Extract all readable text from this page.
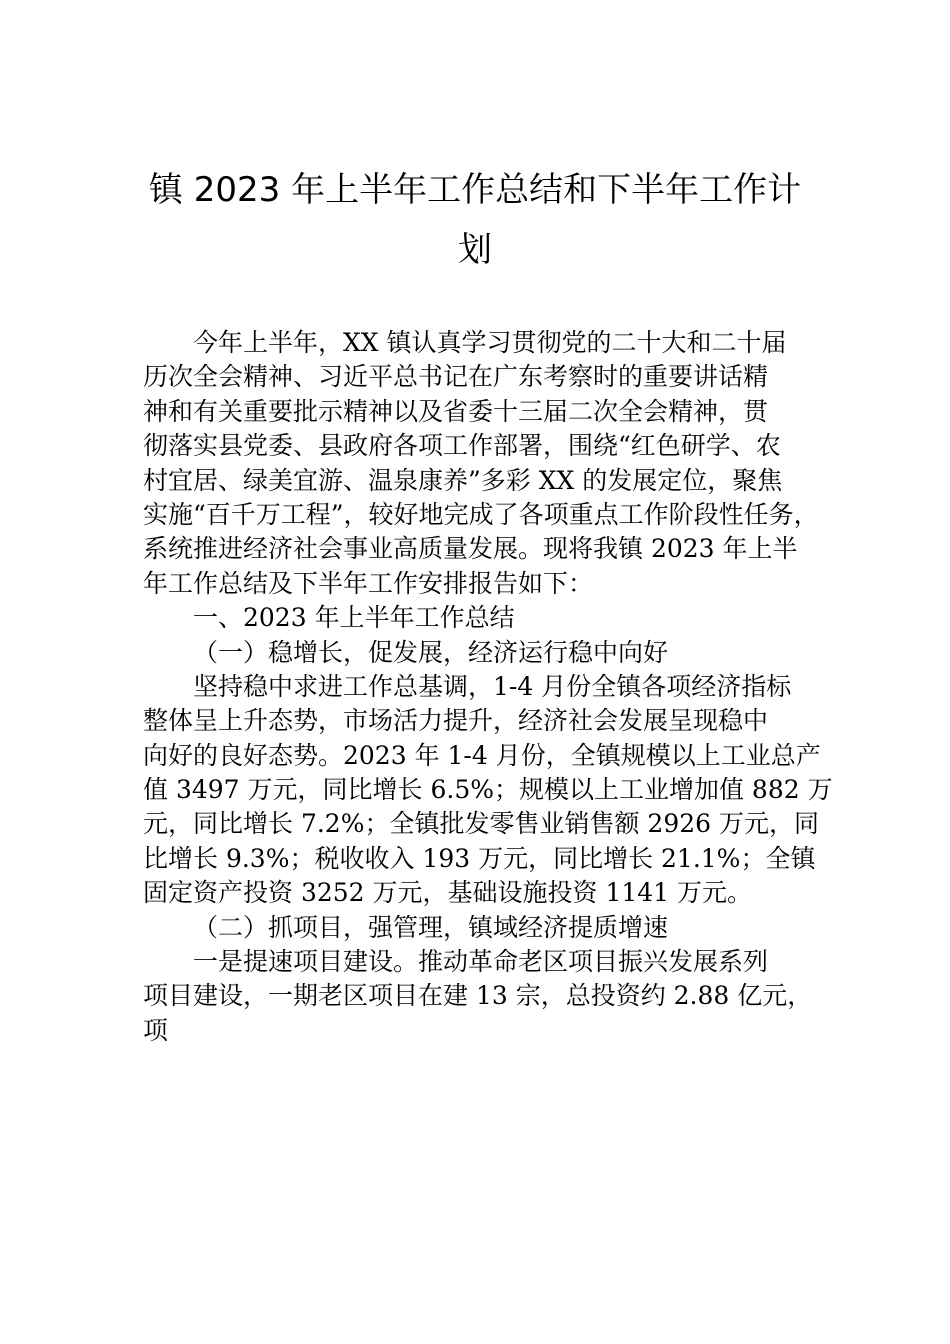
镇 2023 年上半年工作总结和下半年工作计
划
今年上半年，XX 镇认真学习贯彻党的二十大和二十届
历次全会精神、习近平总书记在广东考察时的重要讲话精
神和有关重要批示精神以及省委十三届二次全会精神，贯
彻落实县党委、县政府各项工作部署，围绕“红色研学、农
村宜居、绿美宜游、温泉康养”多彩 XX 的发展定位，聚焦
实施“百千万工程”，较好地完成了各项重点工作阶段性任务，
系统推进经济社会事业高质量发展。现将我镇 2023 年上半
年工作总结及下半年工作安排报告如下：
一、2023 年上半年工作总结
（一）稳增长，促发展，经济运行稳中向好
坚持稳中求进工作总基调，1-4 月份全镇各项经济指标
整体呈上升态势，市场活力提升，经济社会发展呈现稳中
向好的良好态势。2023 年 1-4 月份，全镇规模以上工业总产
值 3497 万元，同比增长 6.5%；规模以上工业增加值 882 万
元，同比增长 7.2%；全镇批发零售业销售额 2926 万元，同
比增长 9.3%；税收收入 193 万元，同比增长 21.1%；全镇
固定资产投资 3252 万元，基础设施投资 1141 万元。
（二）抓项目，强管理，镇域经济提质增速
一是提速项目建设。推动革命老区项目振兴发展系列
项目建设，一期老区项目在建 13 宗，总投资约 2.88 亿元，
项
